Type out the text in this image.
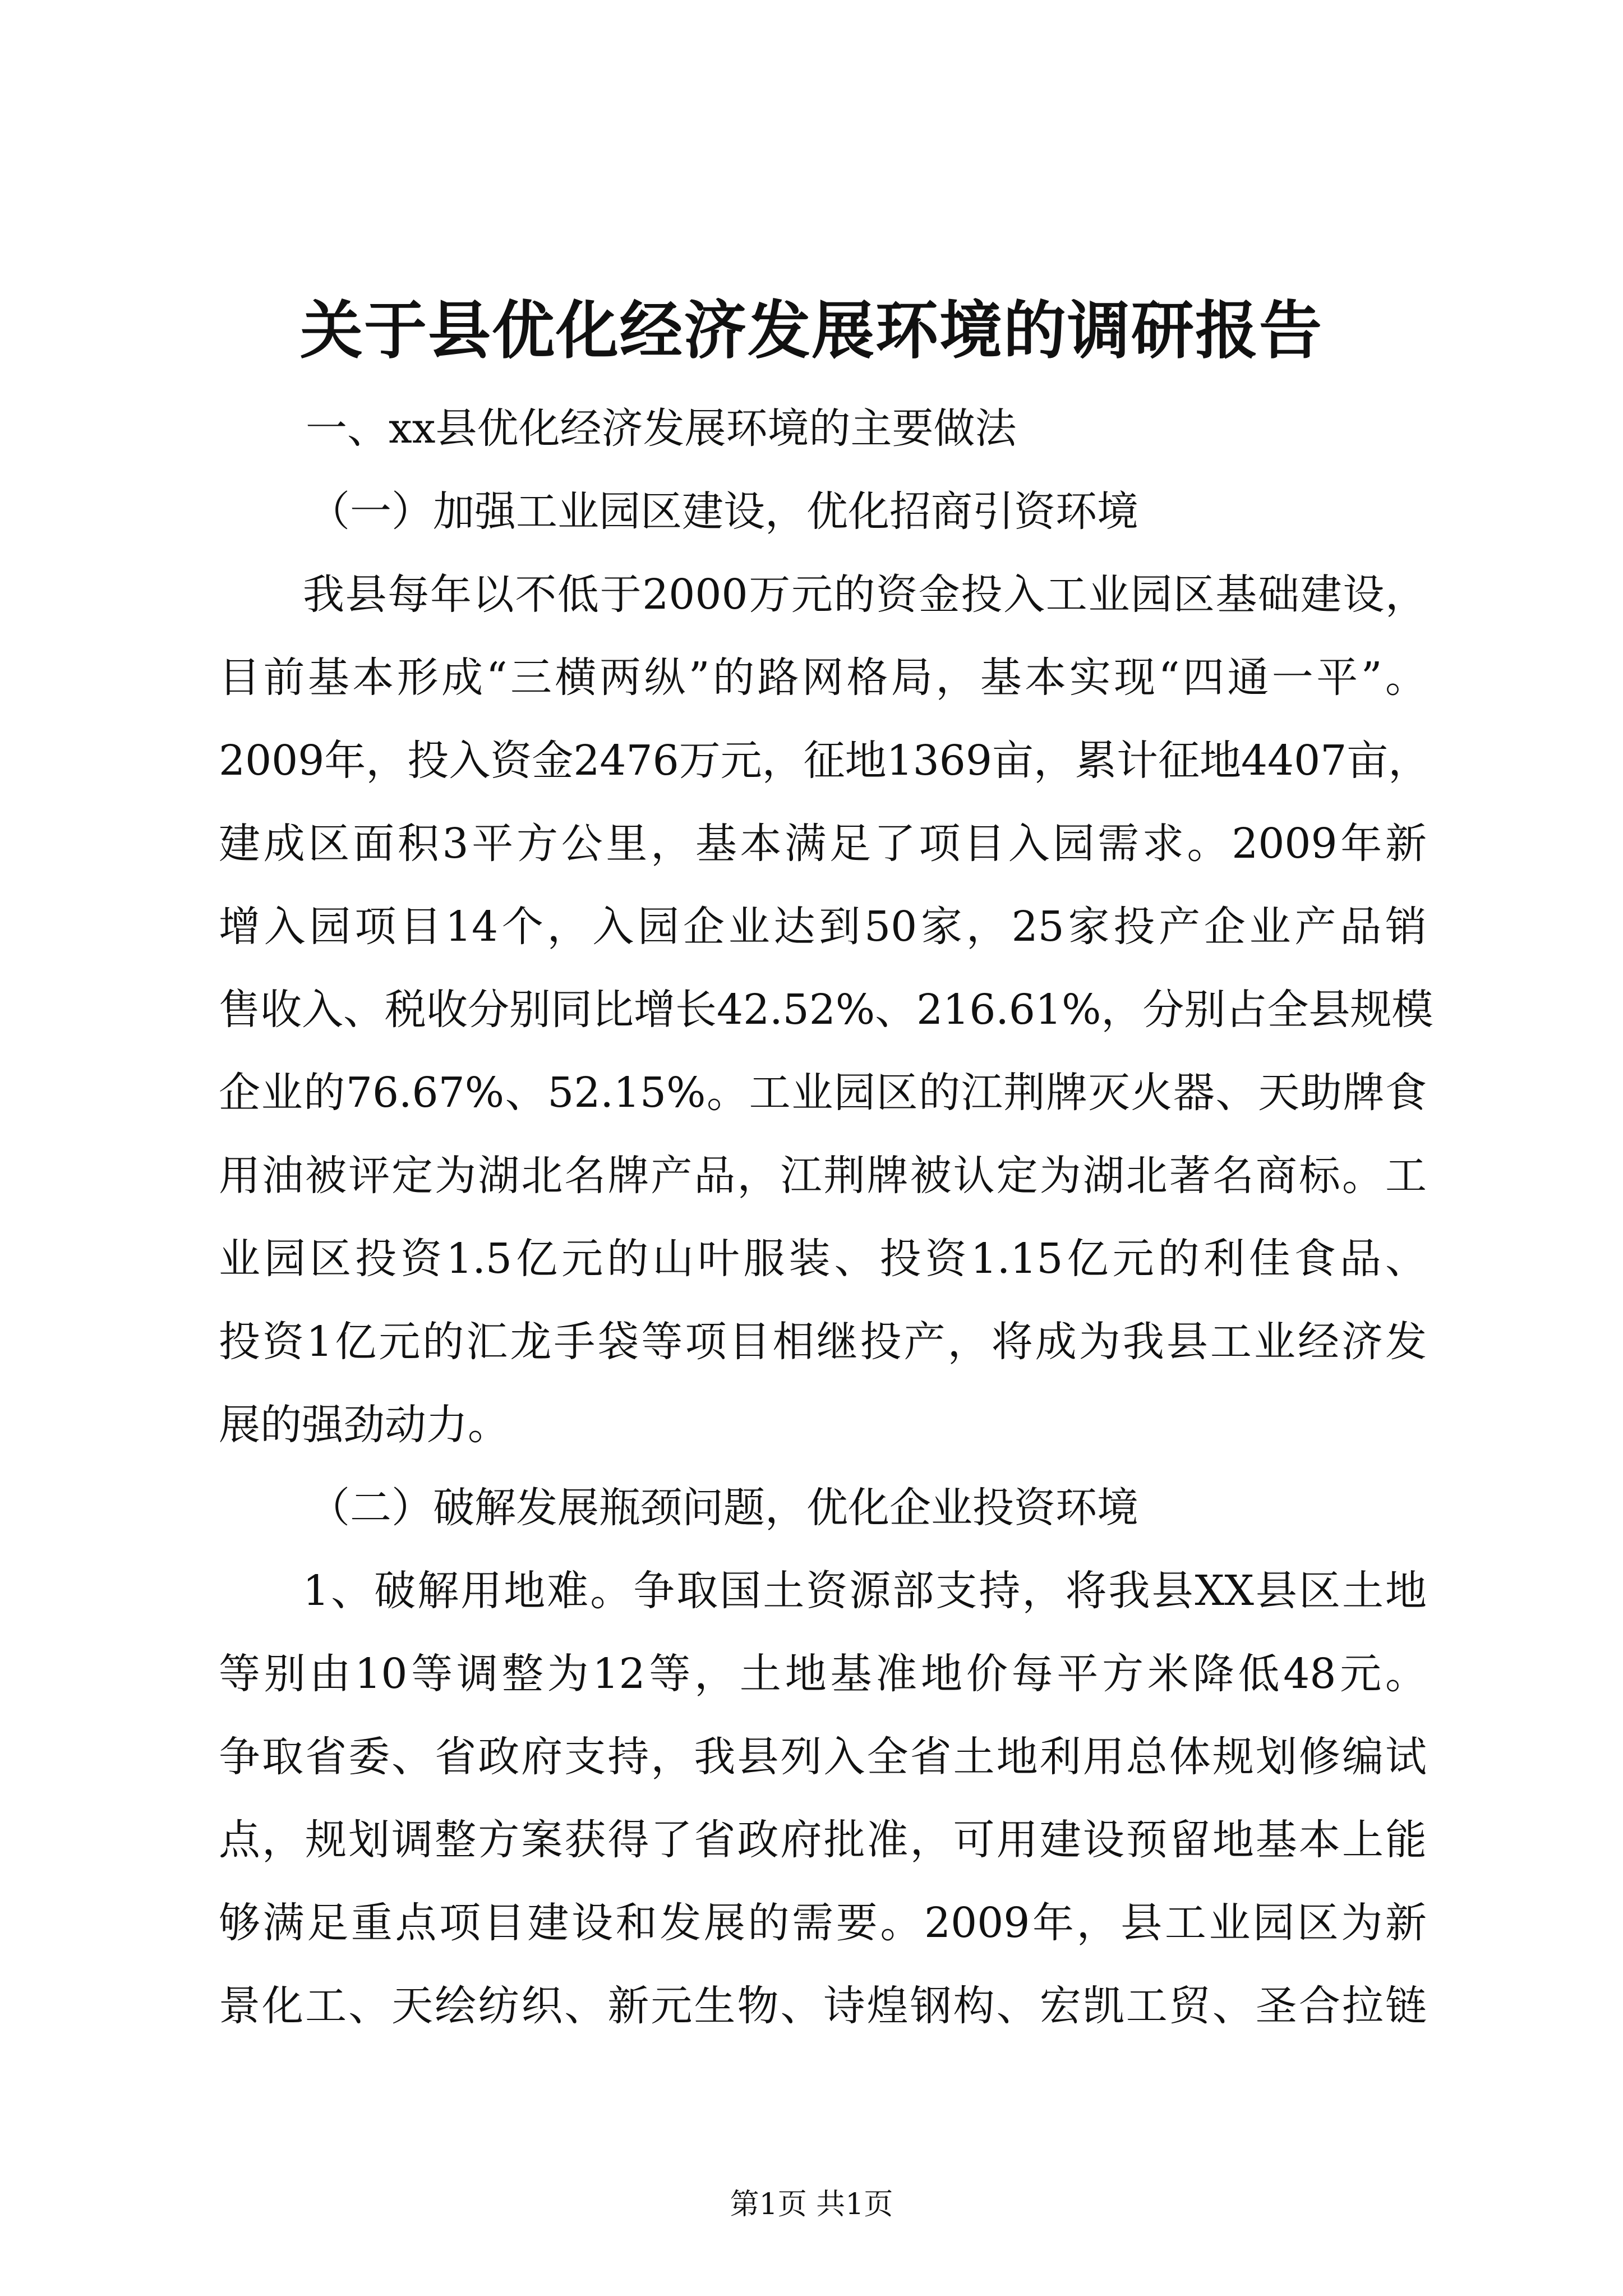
关于县优化经济发展环境的调研报告
一、xx县优化经济发展环境的主要做法
（一）加强工业园区建设，优化招商引资环境
我县每年以不低于2000万元的资金投入工业园区基础建设，
目前基本形成“三横两纵”的路网格局，基本实现“四通一平”。
2009年，投入资金2476万元，征地1369亩，累计征地4407亩，
建成区面积3平方公里，基本满足了项目入园需求。2009年新
增入园项目14个，入园企业达到50家，25家投产企业产品销
售收入、税收分别同比增长42.52%、216.61%，分别占全县规模
企业的76.67%、52.15%。工业园区的江荆牌灭火器、天助牌食
用油被评定为湖北名牌产品，江荆牌被认定为湖北著名商标。工
业园区投资1.5亿元的山叶服装、投资1.15亿元的利佳食品、
投资1亿元的汇龙手袋等项目相继投产，将成为我县工业经济发
展的强劲动力。
（二）破解发展瓶颈问题，优化企业投资环境
1、破解用地难。争取国土资源部支持，将我县XX县区土地
等别由10等调整为12等，土地基准地价每平方米降低48元。
争取省委、省政府支持，我县列入全省土地利用总体规划修编试
点，规划调整方案获得了省政府批准，可用建设预留地基本上能
够满足重点项目建设和发展的需要。2009年，县工业园区为新
景化工、天绘纺织、新元生物、诗煌钢构、宏凯工贸、圣合拉链
第1页 共1页
